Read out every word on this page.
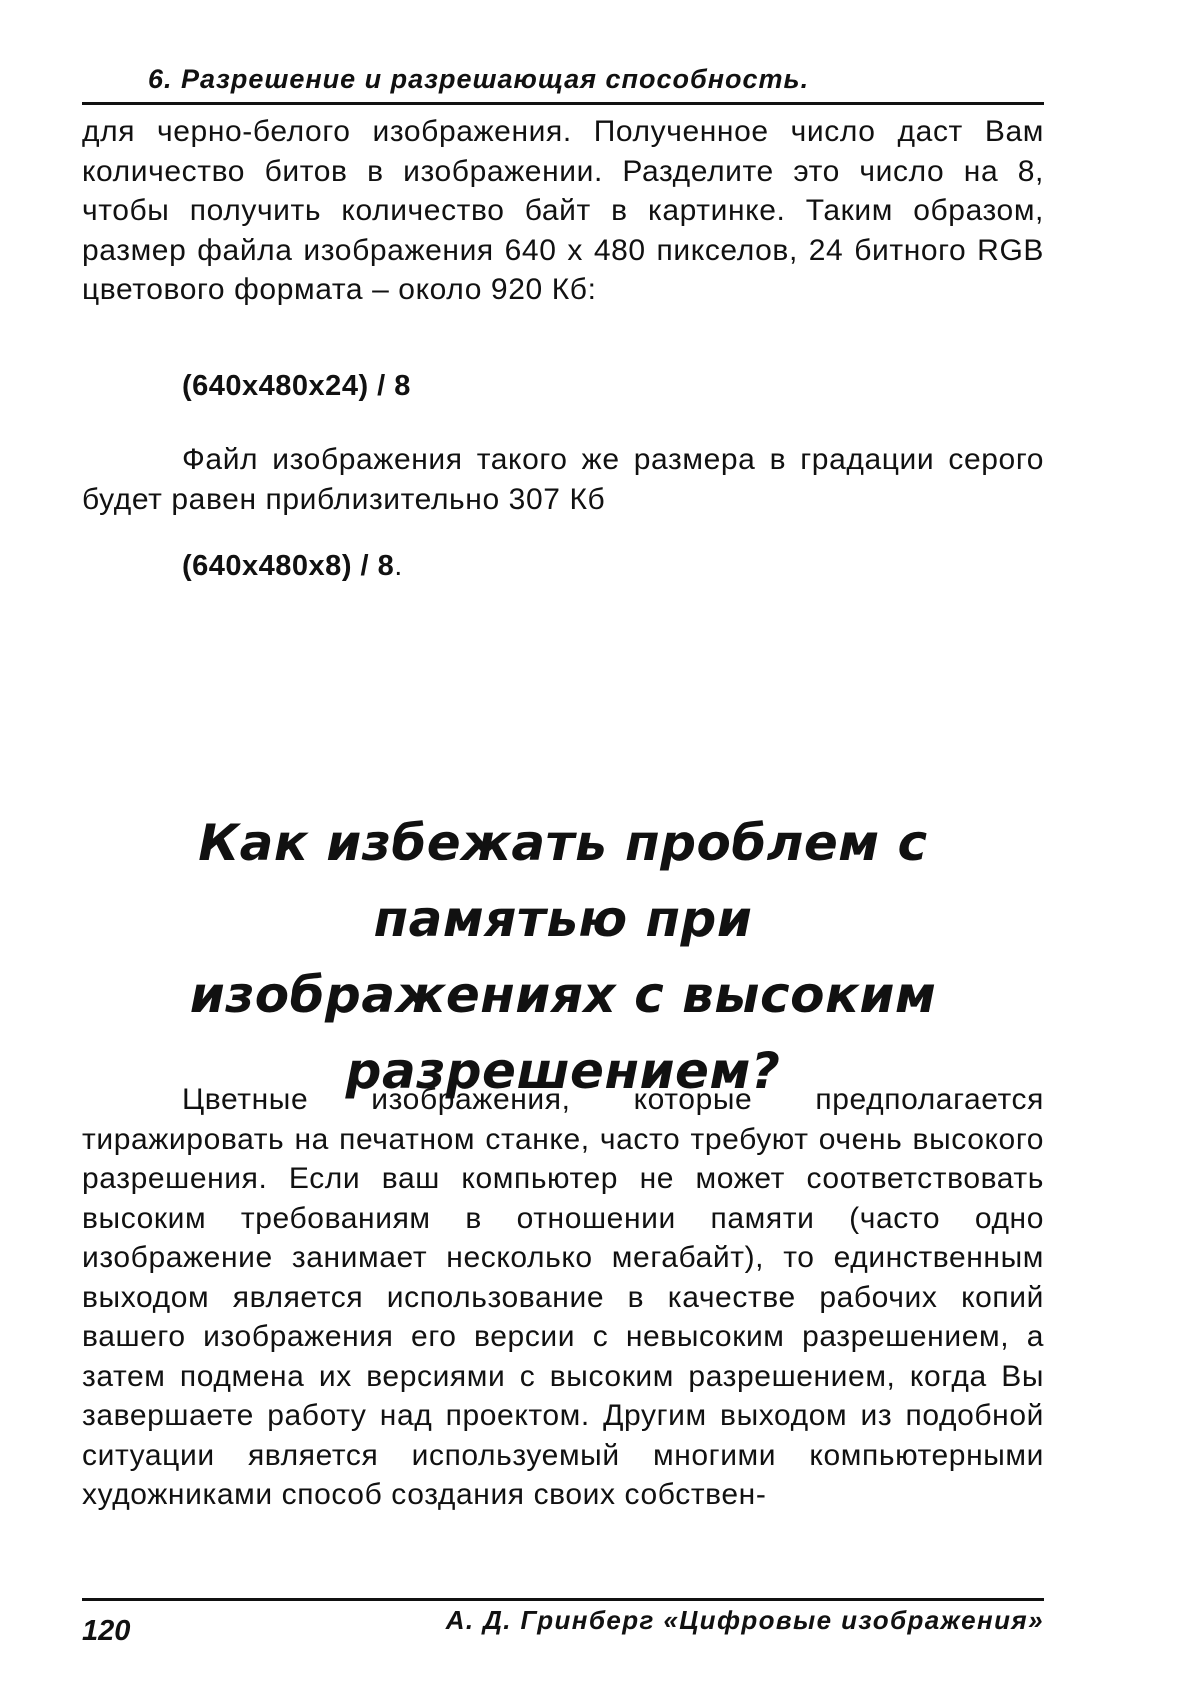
6. Разрешение и разрешающая способность.

для черно-белого изображения. Полученное число даст Вам количество битов в изображении. Разделите это число на 8, чтобы получить количество байт в картинке. Таким образом, размер файла изображения 640 x 480 пикселов, 24 битного RGB цветового формата – около 920 Кб:

(640x480x24) / 8

Файл изображения такого же размера в градации серого будет равен приблизительно 307 Кб

(640x480x8) / 8.
Как избежать проблем с памятью при
изображениях с высоким
разрешением?

Цветные изображения, которые предполагается тиражировать на печатном станке, часто требуют очень высокого разрешения. Если ваш компьютер не может соответствовать высоким требованиям в отношении памяти (часто одно изображение занимает несколько мегабайт), то единственным выходом является использование в качестве рабочих копий вашего изображения его версии с невысоким разрешением, а затем подмена их версиями с высоким разрешением, когда Вы завершаете работу над проектом. Другим выходом из подобной ситуации является используемый многими компьютерными художниками способ создания своих собствен-

120	А. Д. Гринберг «Цифровые изображения»
